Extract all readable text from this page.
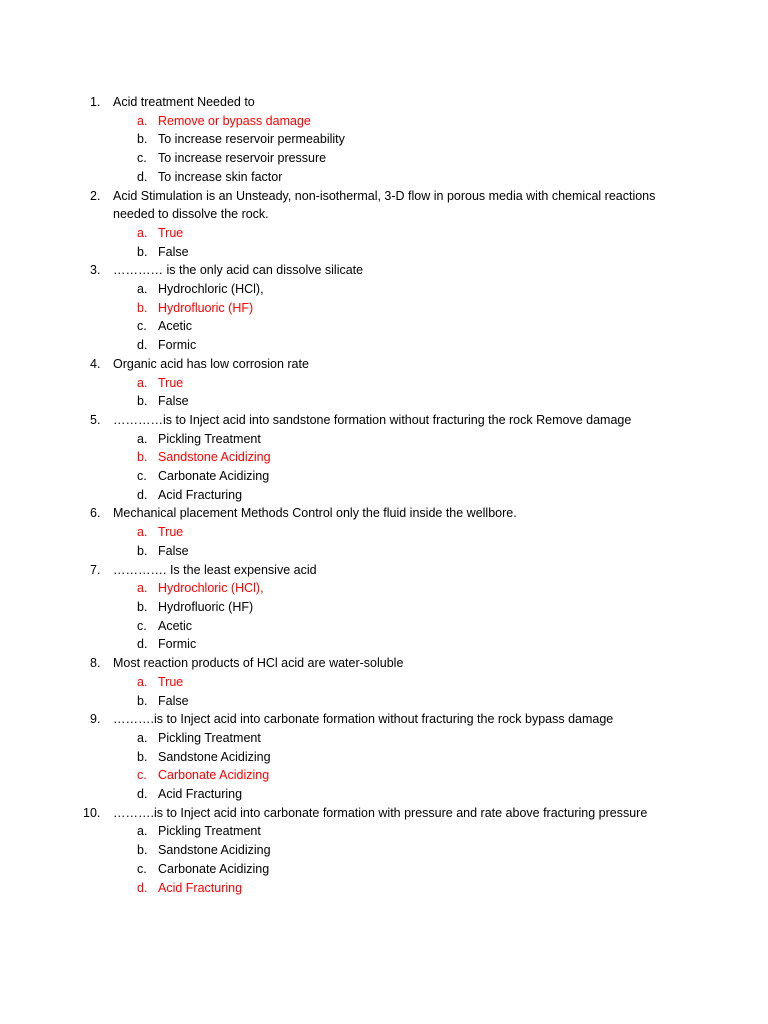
1.	Acid treatment Needed to
a. Remove or bypass damage
b. To increase reservoir permeability
c. To increase reservoir pressure
d. To increase skin factor
2.	Acid Stimulation is an Unsteady, non-isothermal, 3-D flow in porous media with chemical reactions needed to dissolve the rock.
a. True
b. False
3.	………… is the only acid can dissolve silicate
a. Hydrochloric (HCl),
b. Hydrofluoric (HF)
c. Acetic
d. Formic
4.	Organic acid has low corrosion rate
a. True
b. False
5.	…………is to Inject acid into sandstone formation without fracturing the rock Remove damage
a. Pickling Treatment
b. Sandstone Acidizing
c. Carbonate Acidizing
d. Acid Fracturing
6.	Mechanical placement Methods Control only the fluid inside the wellbore.
a. True
b. False
7.	…………. Is the least expensive acid
a. Hydrochloric (HCl),
b. Hydrofluoric (HF)
c. Acetic
d. Formic
8.	Most reaction products of HCl acid are water-soluble
a. True
b. False
9.	……….is to Inject acid into carbonate formation without fracturing the rock bypass damage
a. Pickling Treatment
b. Sandstone Acidizing
c. Carbonate Acidizing
d. Acid Fracturing
10.	……….is to Inject acid into carbonate formation with pressure and rate above fracturing pressure
a. Pickling Treatment
b. Sandstone Acidizing
c. Carbonate Acidizing
d. Acid Fracturing
